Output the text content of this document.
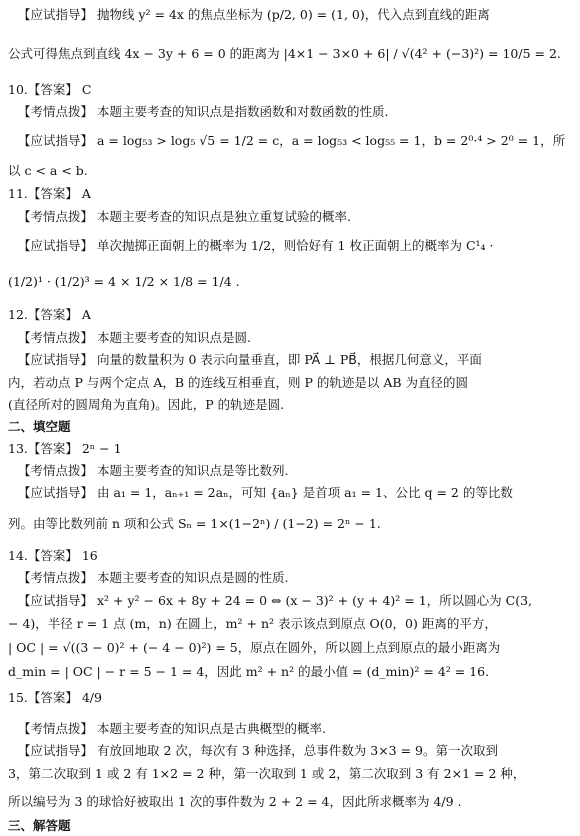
【应试指导】 抛物线 y² = 4x 的焦点坐标为 (p/2, 0) = (1, 0)，代入点到直线的距离
公式可得焦点到直线 4x − 3y + 6 = 0 的距离为 |4×1 − 3×0 + 6| / √(4² + (−3)²) = 10/5 = 2.
10.【答案】 C
【考情点拨】 本题主要考查的知识点是指数函数和对数函数的性质.
【应试指导】 a = log₅₃ > log₅ √5 = 1/2 = c，a = log₅₃ < log₅₅ = 1，b = 2⁰·⁴ > 2⁰ = 1，所
以 c < a < b.
11.【答案】 A
【考情点拨】 本题主要考查的知识点是独立重复试验的概率.
【应试指导】 单次抛掷正面朝上的概率为 1/2，则恰好有 1 枚正面朝上的概率为 C¹₄ ·
(1/2)¹ · (1/2)³ = 4 × 1/2 × 1/8 = 1/4 .
12.【答案】 A
【考情点拨】 本题主要考查的知识点是圆.
【应试指导】 向量的数量积为 0 表示向量垂直，即 PA⃗ ⊥ PB⃗，根据几何意义，平面
内，若动点 P 与两个定点 A，B 的连线互相垂直，则 P 的轨迹是以 AB 为直径的圆
(直径所对的圆周角为直角)。因此，P 的轨迹是圆.
二、填空题
13.【答案】 2ⁿ − 1
【考情点拨】 本题主要考查的知识点是等比数列.
【应试指导】 由 a₁ = 1，aₙ₊₁ = 2aₙ，可知 {aₙ} 是首项 a₁ = 1、公比 q = 2 的等比数
列。由等比数列前 n 项和公式 Sₙ = 1×(1−2ⁿ) / (1−2) = 2ⁿ − 1.
14.【答案】 16
【考情点拨】 本题主要考查的知识点是圆的性质.
【应试指导】 x² + y² − 6x + 8y + 24 = 0 ⇔ (x − 3)² + (y + 4)² = 1，所以圆心为 C(3,
− 4)，半径 r = 1 点 (m，n) 在圆上，m² + n² 表示该点到原点 O(0，0) 距离的平方，
| OC | = √((3 − 0)² + (− 4 − 0)²) = 5，原点在圆外，所以圆上点到原点的最小距离为
d_min = | OC | − r = 5 − 1 = 4，因此 m² + n² 的最小值 = (d_min)² = 4² = 16.
15.【答案】 4/9
【考情点拨】 本题主要考查的知识点是古典概型的概率.
【应试指导】 有放回地取 2 次，每次有 3 种选择，总事件数为 3×3 = 9。第一次取到
3，第二次取到 1 或 2 有 1×2 = 2 种，第一次取到 1 或 2，第二次取到 3 有 2×1 = 2 种，
所以编号为 3 的球恰好被取出 1 次的事件数为 2 + 2 = 4，因此所求概率为 4/9 .
三、解答题
